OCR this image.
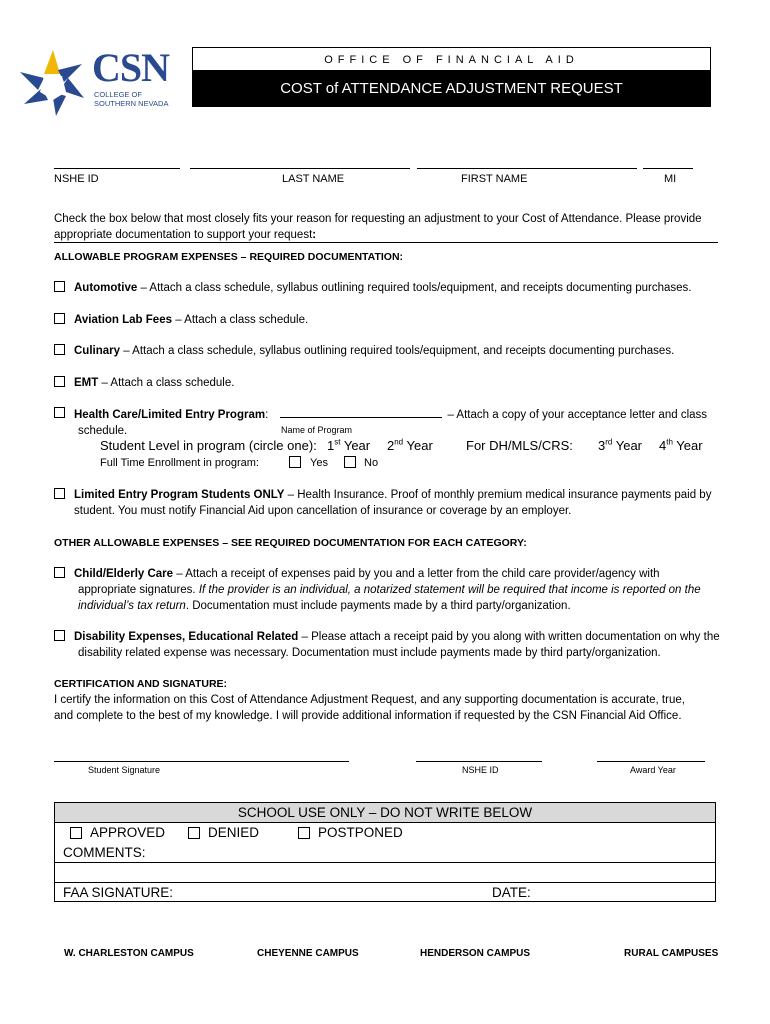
CSN
COLLEGE OF
SOUTHERN NEVADA
OFFICE OF FINANCIAL AID
COST of ATTENDANCE ADJUSTMENT REQUEST
NSHE ID	LAST NAME	FIRST NAME	MI
Check the box below that most closely fits your reason for requesting an adjustment to your Cost of Attendance. Please provide
appropriate documentation to support your request:
ALLOWABLE PROGRAM EXPENSES – REQUIRED DOCUMENTATION:
Automotive – Attach a class schedule, syllabus outlining required tools/equipment, and receipts documenting purchases.
Aviation Lab Fees – Attach a class schedule.
Culinary – Attach a class schedule, syllabus outlining required tools/equipment, and receipts documenting purchases.
EMT – Attach a class schedule.
Health Care/Limited Entry Program:	– Attach a copy of your acceptance letter and class
schedule.	Name of Program
Student Level in program (circle one): 1st Year 2nd Year	For DH/MLS/CRS: 3rd Year 4th Year
Full Time Enrollment in program:	Yes	No
Limited Entry Program Students ONLY – Health Insurance. Proof of monthly premium medical insurance payments paid by
student. You must notify Financial Aid upon cancellation of insurance or coverage by an employer.
OTHER ALLOWABLE EXPENSES – SEE REQUIRED DOCUMENTATION FOR EACH CATEGORY:
Child/Elderly Care – Attach a receipt of expenses paid by you and a letter from the child care provider/agency with
appropriate signatures. If the provider is an individual, a notarized statement will be required that income is reported on the
individual’s tax return. Documentation must include payments made by a third party/organization.
Disability Expenses, Educational Related – Please attach a receipt paid by you along with written documentation on why the
disability related expense was necessary. Documentation must include payments made by third party/organization.
CERTIFICATION AND SIGNATURE:
I certify the information on this Cost of Attendance Adjustment Request, and any supporting documentation is accurate, true,
and complete to the best of my knowledge. I will provide additional information if requested by the CSN Financial Aid Office.
Student Signature	NSHE ID	Award Year
SCHOOL USE ONLY – DO NOT WRITE BELOW
APPROVED	DENIED	POSTPONED
COMMENTS:
FAA SIGNATURE:	DATE:
W. CHARLESTON CAMPUS	CHEYENNE CAMPUS	HENDERSON CAMPUS	RURAL CAMPUSES
